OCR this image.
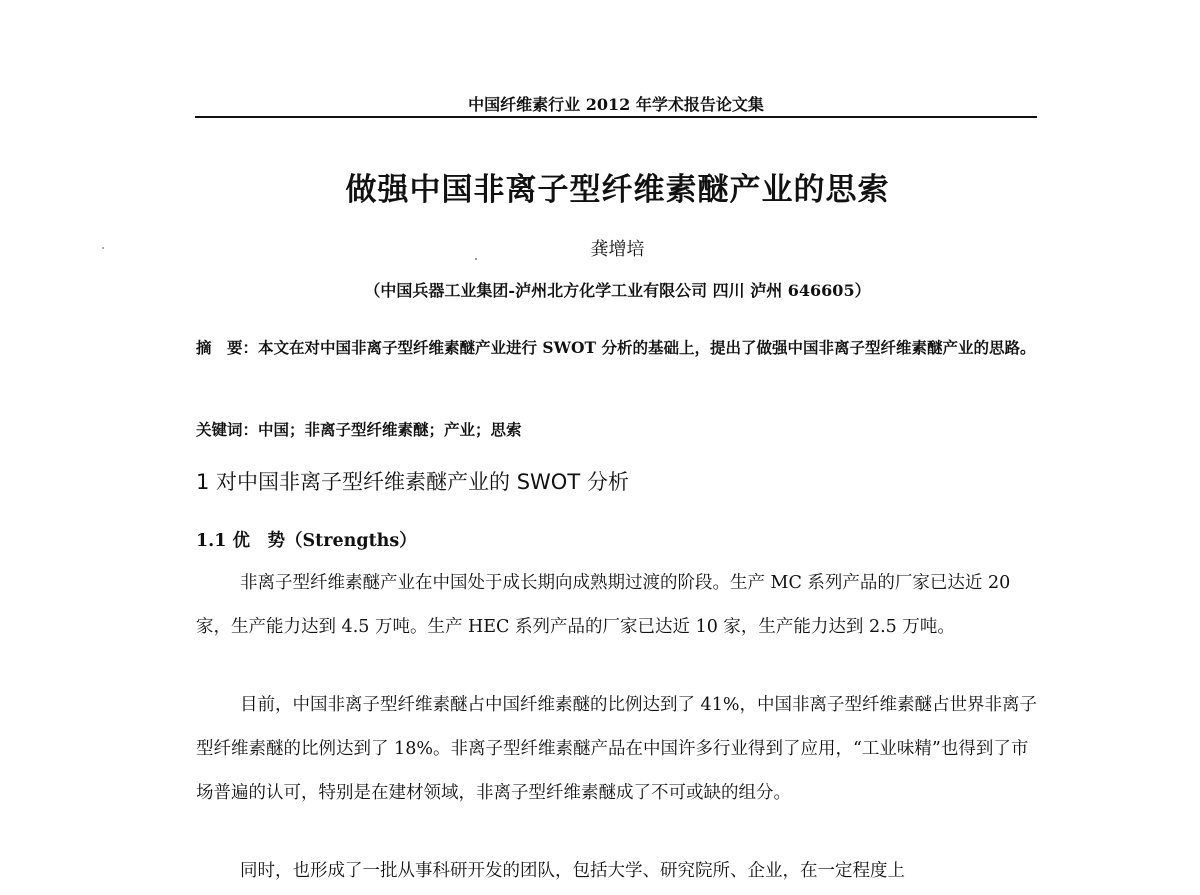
中国纤维素行业 2012 年学术报告论文集
做强中国非离子型纤维素醚产业的思索
龚增培
（中国兵器工业集团-泸州北方化学工业有限公司 四川 泸州 646605）
摘　要：本文在对中国非离子型纤维素醚产业进行 SWOT 分析的基础上，提出了做强中国非离子型纤维素醚产业的思路。
关键词：中国；非离子型纤维素醚；产业；思索
1 对中国非离子型纤维素醚产业的 SWOT 分析
1.1 优　势（Strengths）
非离子型纤维素醚产业在中国处于成长期向成熟期过渡的阶段。生产 MC 系列产品的厂家已达近 20 家，生产能力达到 4.5 万吨。生产 HEC 系列产品的厂家已达近 10 家，生产能力达到 2.5 万吨。
目前，中国非离子型纤维素醚占中国纤维素醚的比例达到了 41%，中国非离子型纤维素醚占世界非离子型纤维素醚的比例达到了 18%。非离子型纤维素醚产品在中国许多行业得到了应用，“工业味精”也得到了市场普遍的认可，特别是在建材领域，非离子型纤维素醚成了不可或缺的组分。
同时，也形成了一批从事科研开发的团队，包括大学、研究院所、企业，在一定程度上
